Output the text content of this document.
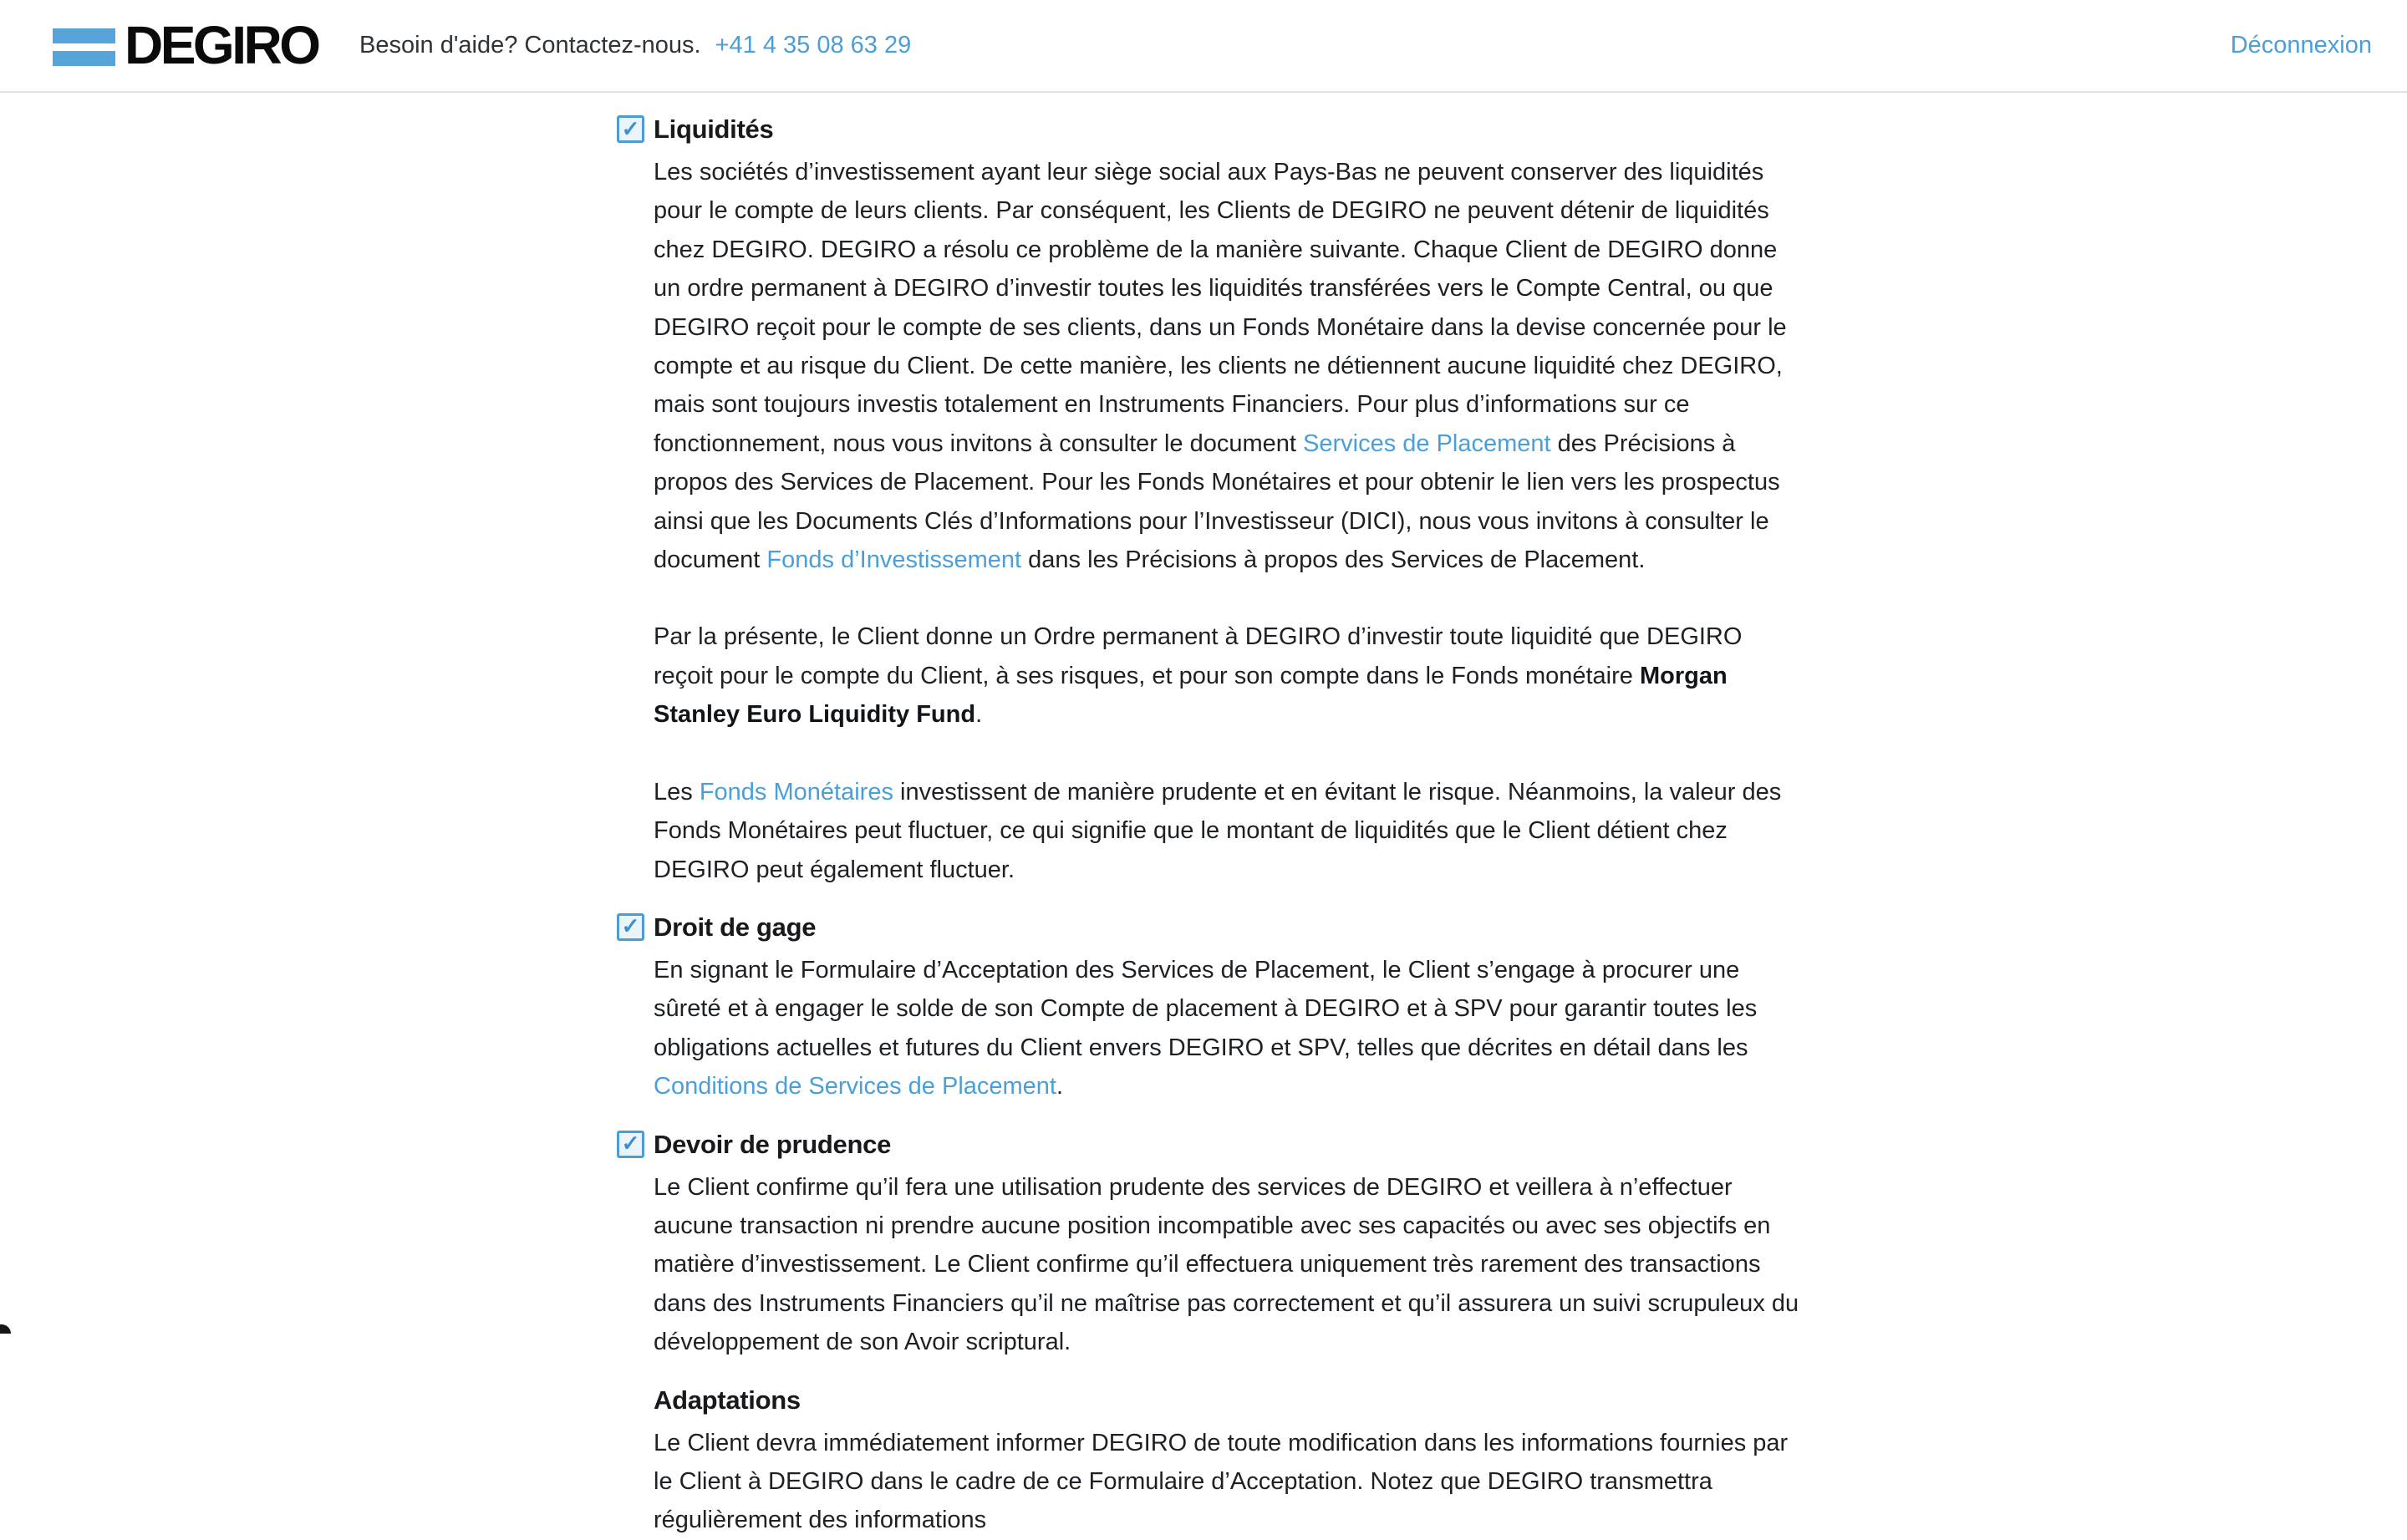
DEGIRO Besoin d'aide? Contactez-nous. +41 4 35 08 63 29	Déconnexion
✓ Liquidités

Les sociétés d’investissement ayant leur siège social aux Pays-Bas ne peuvent conserver des liquidités pour le compte de leurs clients. Par conséquent, les Clients de DEGIRO ne peuvent détenir de liquidités chez DEGIRO. DEGIRO a résolu ce problème de la manière suivante. Chaque Client de DEGIRO donne un ordre permanent à DEGIRO d’investir toutes les liquidités transférées vers le Compte Central, ou que DEGIRO reçoit pour le compte de ses clients, dans un Fonds Monétaire dans la devise concernée pour le compte et au risque du Client. De cette manière, les clients ne détiennent aucune liquidité chez DEGIRO, mais sont toujours investis totalement en Instruments Financiers. Pour plus d’informations sur ce fonctionnement, nous vous invitons à consulter le document Services de Placement des Précisions à propos des Services de Placement. Pour les Fonds Monétaires et pour obtenir le lien vers les prospectus ainsi que les Documents Clés d’Informations pour l’Investisseur (DICI), nous vous invitons à consulter le document Fonds d’Investissement dans les Précisions à propos des Services de Placement.

Par la présente, le Client donne un Ordre permanent à DEGIRO d’investir toute liquidité que DEGIRO reçoit pour le compte du Client, à ses risques, et pour son compte dans le Fonds monétaire Morgan Stanley Euro Liquidity Fund.

Les Fonds Monétaires investissent de manière prudente et en évitant le risque. Néanmoins, la valeur des Fonds Monétaires peut fluctuer, ce qui signifie que le montant de liquidités que le Client détient chez DEGIRO peut également fluctuer.

✓ Droit de gage

En signant le Formulaire d’Acceptation des Services de Placement, le Client s’engage à procurer une sûreté et à engager le solde de son Compte de placement à DEGIRO et à SPV pour garantir toutes les obligations actuelles et futures du Client envers DEGIRO et SPV, telles que décrites en détail dans les Conditions de Services de Placement.

✓ Devoir de prudence

Le Client confirme qu’il fera une utilisation prudente des services de DEGIRO et veillera à n’effectuer aucune transaction ni prendre aucune position incompatible avec ses capacités ou avec ses objectifs en matière d’investissement. Le Client confirme qu’il effectuera uniquement très rarement des transactions dans des Instruments Financiers qu’il ne maîtrise pas correctement et qu’il assurera un suivi scrupuleux du développement de son Avoir scriptural.

Adaptations

Le Client devra immédiatement informer DEGIRO de toute modification dans les informations fournies par le Client à DEGIRO dans le cadre de ce Formulaire d’Acceptation. Notez que DEGIRO transmettra régulièrement des informations
